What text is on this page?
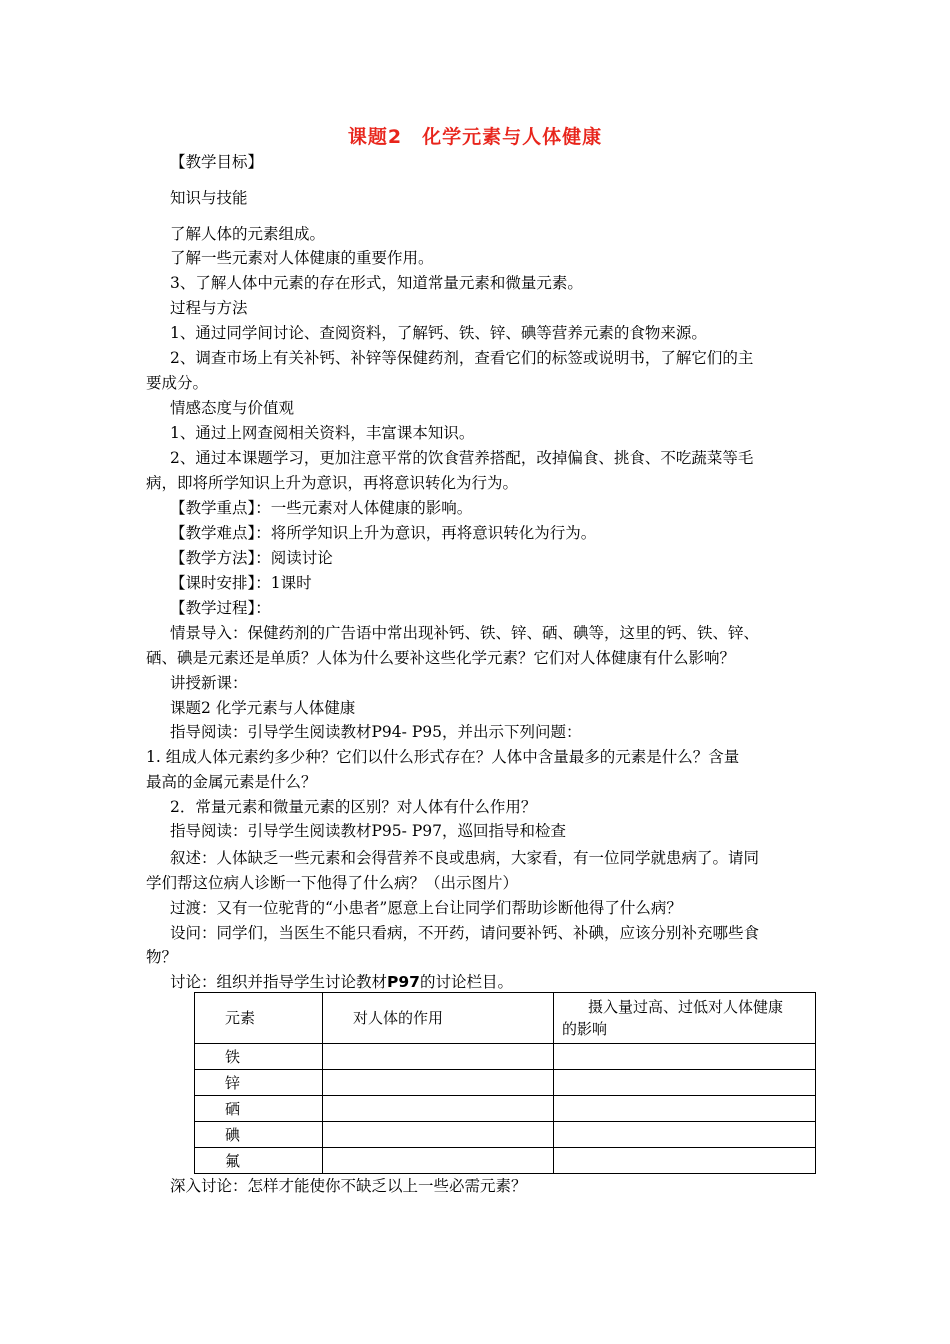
课题2　化学元素与人体健康
【教学目标】
知识与技能
了解人体的元素组成。
了解一些元素对人体健康的重要作用。
3、了解人体中元素的存在形式，知道常量元素和微量元素。
过程与方法
1、通过同学间讨论、查阅资料，了解钙、铁、锌、碘等营养元素的食物来源。
2、调查市场上有关补钙、补锌等保健药剂，查看它们的标签或说明书，了解它们的主
要成分。
情感态度与价值观
1、通过上网查阅相关资料，丰富课本知识。
2、通过本课题学习，更加注意平常的饮食营养搭配，改掉偏食、挑食、不吃蔬菜等毛
病，即将所学知识上升为意识，再将意识转化为行为。
【教学重点】：一些元素对人体健康的影响。
【教学难点】：将所学知识上升为意识，再将意识转化为行为。
【教学方法】：阅读讨论
【课时安排】：1课时
【教学过程】：
情景导入：保健药剂的广告语中常出现补钙、铁、锌、硒、碘等，这里的钙、铁、锌、
硒、碘是元素还是单质？人体为什么要补这些化学元素？它们对人体健康有什么影响？
讲授新课：
课题2 化学元素与人体健康
指导阅读：引导学生阅读教材P94- P95，并出示下列问题：
1. 组成人体元素约多少种？它们以什么形式存在？人体中含量最多的元素是什么？含量
最高的金属元素是什么？
2．常量元素和微量元素的区别？对人体有什么作用？
指导阅读：引导学生阅读教材P95- P97，巡回指导和检查
叙述：人体缺乏一些元素和会得营养不良或患病，大家看，有一位同学就患病了。请同
学们帮这位病人诊断一下他得了什么病？（出示图片）
过渡：又有一位驼背的“小患者”愿意上台让同学们帮助诊断他得了什么病？
设问：同学们，当医生不能只看病，不开药，请问要补钙、补碘，应该分别补充哪些食
物？
讨论：组织并指导学生讨论教材P97的讨论栏目。
元素	对人体的作用	摄入量过高、过低对人体健康
的影响

铁		
锌		
硒		
碘		
氟		
深入讨论：怎样才能使你不缺乏以上一些必需元素？
